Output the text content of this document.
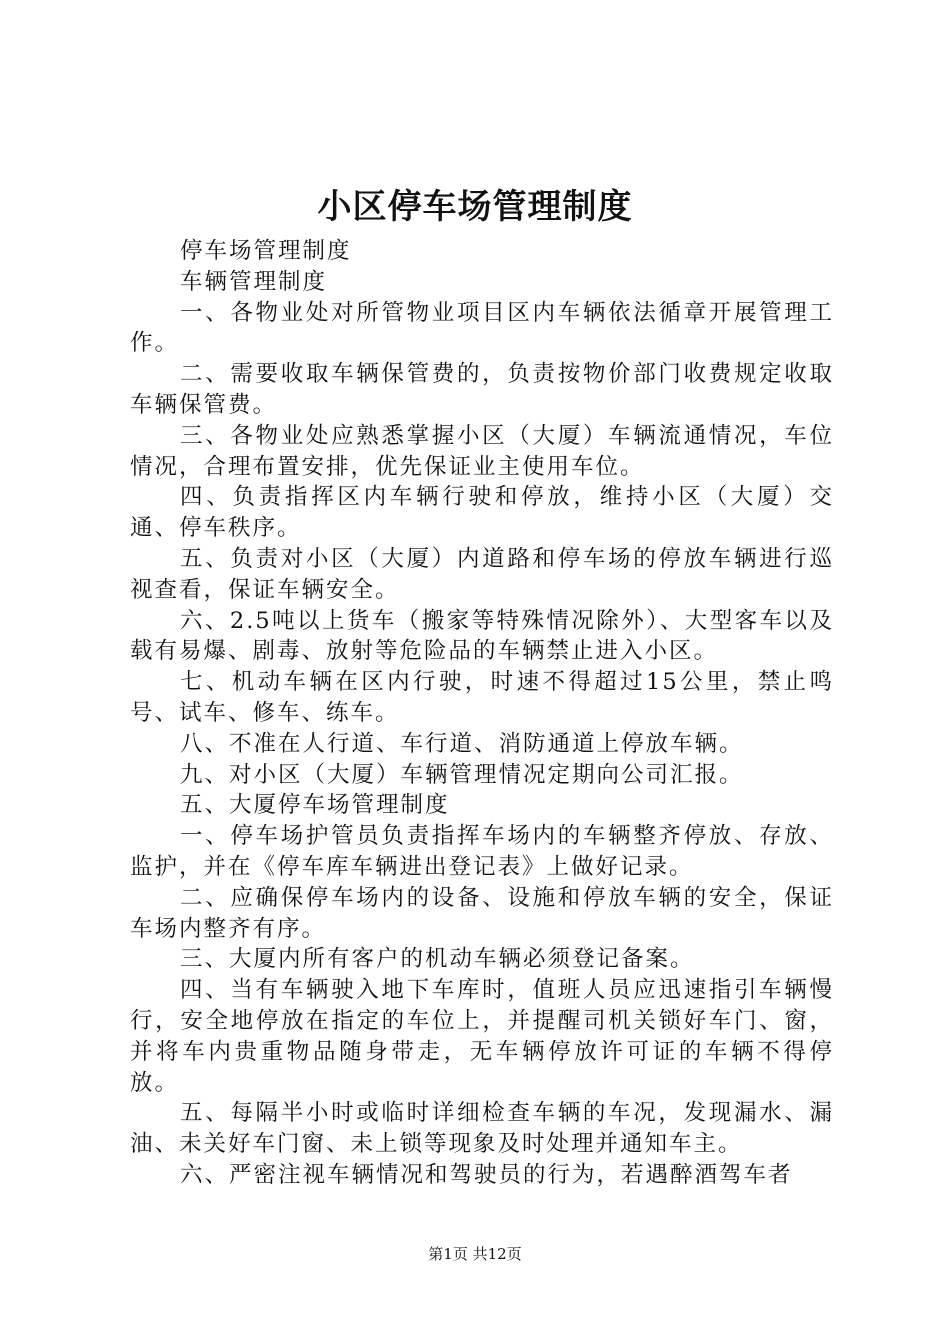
小区停车场管理制度

停车场管理制度

车辆管理制度

一、各物业处对所管物业项目区内车辆依法循章开展管理工作。

二、需要收取车辆保管费的，负责按物价部门收费规定收取车辆保管费。

三、各物业处应熟悉掌握小区（大厦）车辆流通情况，车位情况，合理布置安排，优先保证业主使用车位。

四、负责指挥区内车辆行驶和停放，维持小区（大厦）交通、停车秩序。

五、负责对小区（大厦）内道路和停车场的停放车辆进行巡视查看，保证车辆安全。

六、2.5吨以上货车（搬家等特殊情况除外）、大型客车以及载有易爆、剧毒、放射等危险品的车辆禁止进入小区。

七、机动车辆在区内行驶，时速不得超过15公里，禁止鸣号、试车、修车、练车。

八、不准在人行道、车行道、消防通道上停放车辆。

九、对小区（大厦）车辆管理情况定期向公司汇报。

五、大厦停车场管理制度

一、停车场护管员负责指挥车场内的车辆整齐停放、存放、监护，并在《停车库车辆进出登记表》上做好记录。

二、应确保停车场内的设备、设施和停放车辆的安全，保证车场内整齐有序。

三、大厦内所有客户的机动车辆必须登记备案。

四、当有车辆驶入地下车库时，值班人员应迅速指引车辆慢行，安全地停放在指定的车位上，并提醒司机关锁好车门、窗，并将车内贵重物品随身带走，无车辆停放许可证的车辆不得停放。

五、每隔半小时或临时详细检查车辆的车况，发现漏水、漏油、未关好车门窗、未上锁等现象及时处理并通知车主。

六、严密注视车辆情况和驾驶员的行为，若遇醉酒驾车者

第1页 共12页
